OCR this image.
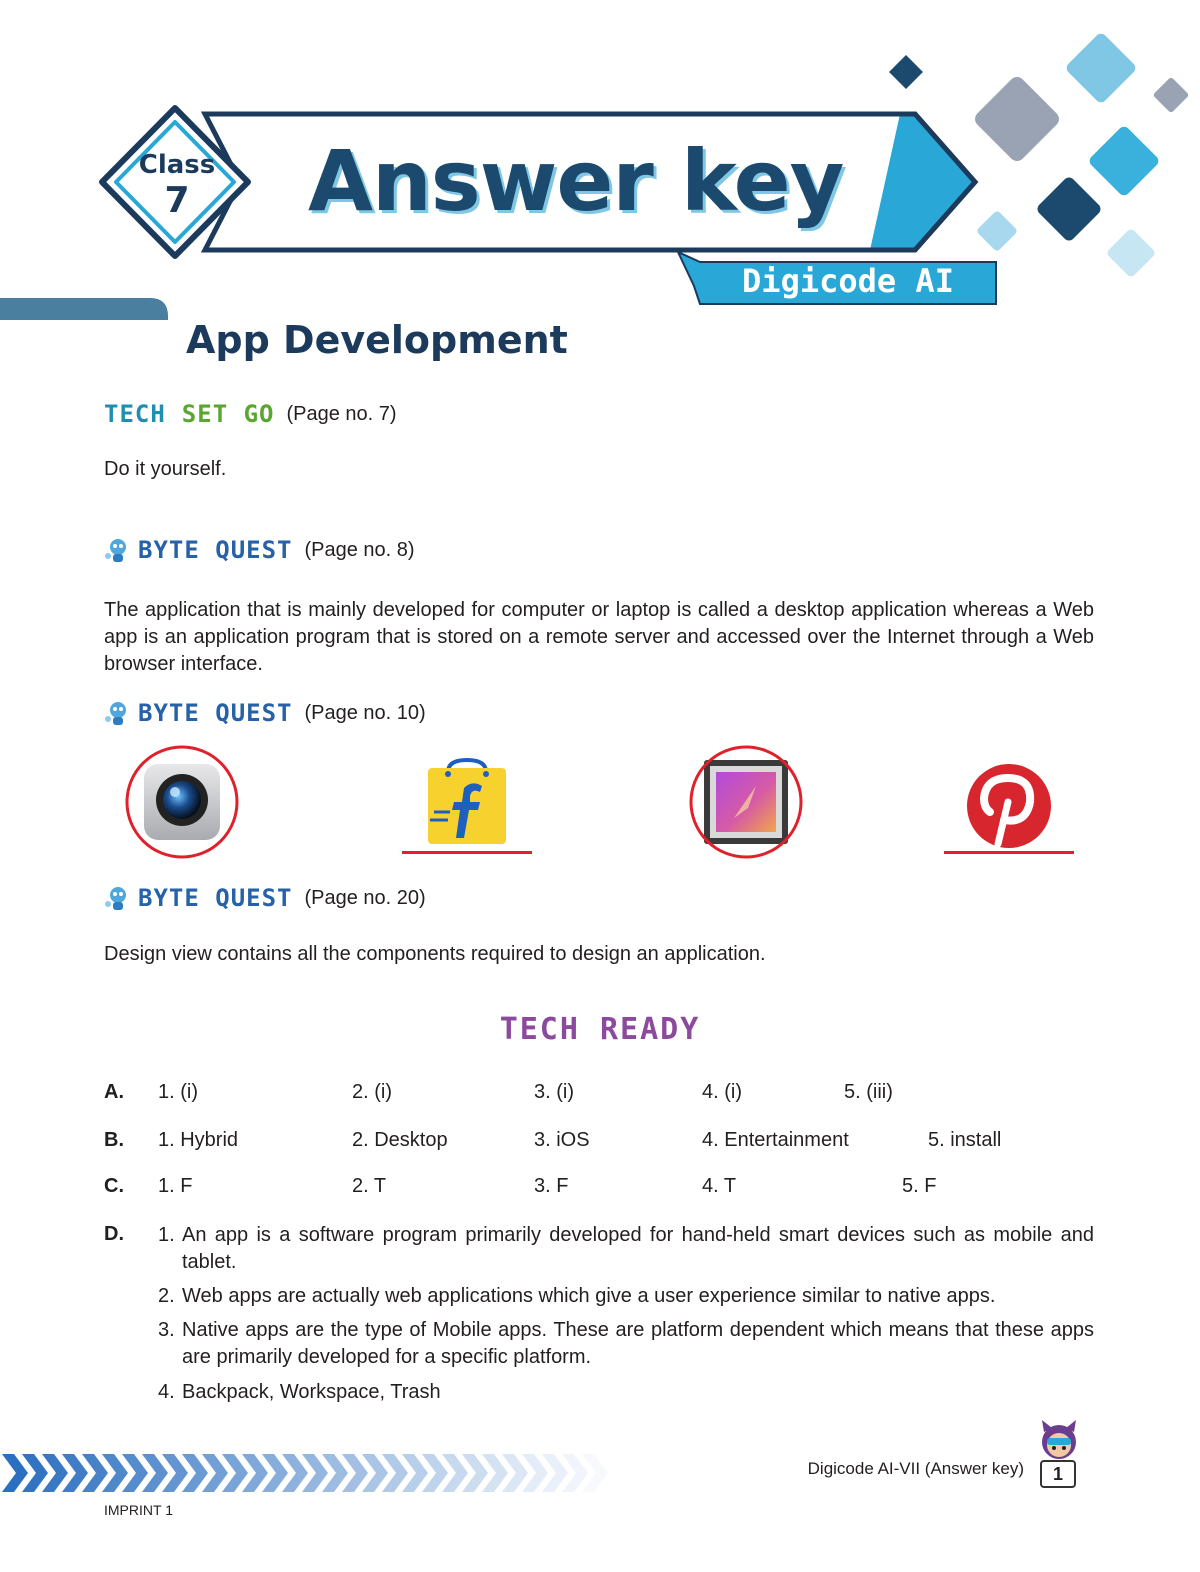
Class
7	Answer key
Digicode AI
1. App Development
TECH SET GO (Page no. 7)
Do it yourself.
BYTE QUEST (Page no. 8)
The application that is mainly developed for computer or laptop is called a desktop application whereas a Web app is an application program that is stored on a remote server and accessed over the Internet through a Web browser interface.
BYTE QUEST (Page no. 10)
BYTE QUEST (Page no. 20)
Design view contains all the components required to design an application.
TECH READY
A. 1. (i)	2. (i)	3. (i)	4. (i)	5. (iii)
B. 1. Hybrid	2. Desktop	3. iOS	4. Entertainment	5. install
C. 1. F	2. T	3. F	4. T	5. F
D. 1. An app is a software program primarily developed for hand-held smart devices such as mobile and tablet.
2. Web apps are actually web applications which give a user experience similar to native apps.
3. Native apps are the type of Mobile apps. These are platform dependent which means that these apps are primarily developed for a specific platform.
4. Backpack, Workspace, Trash
Digicode AI-VII (Answer key)	1
IMPRINT 1
